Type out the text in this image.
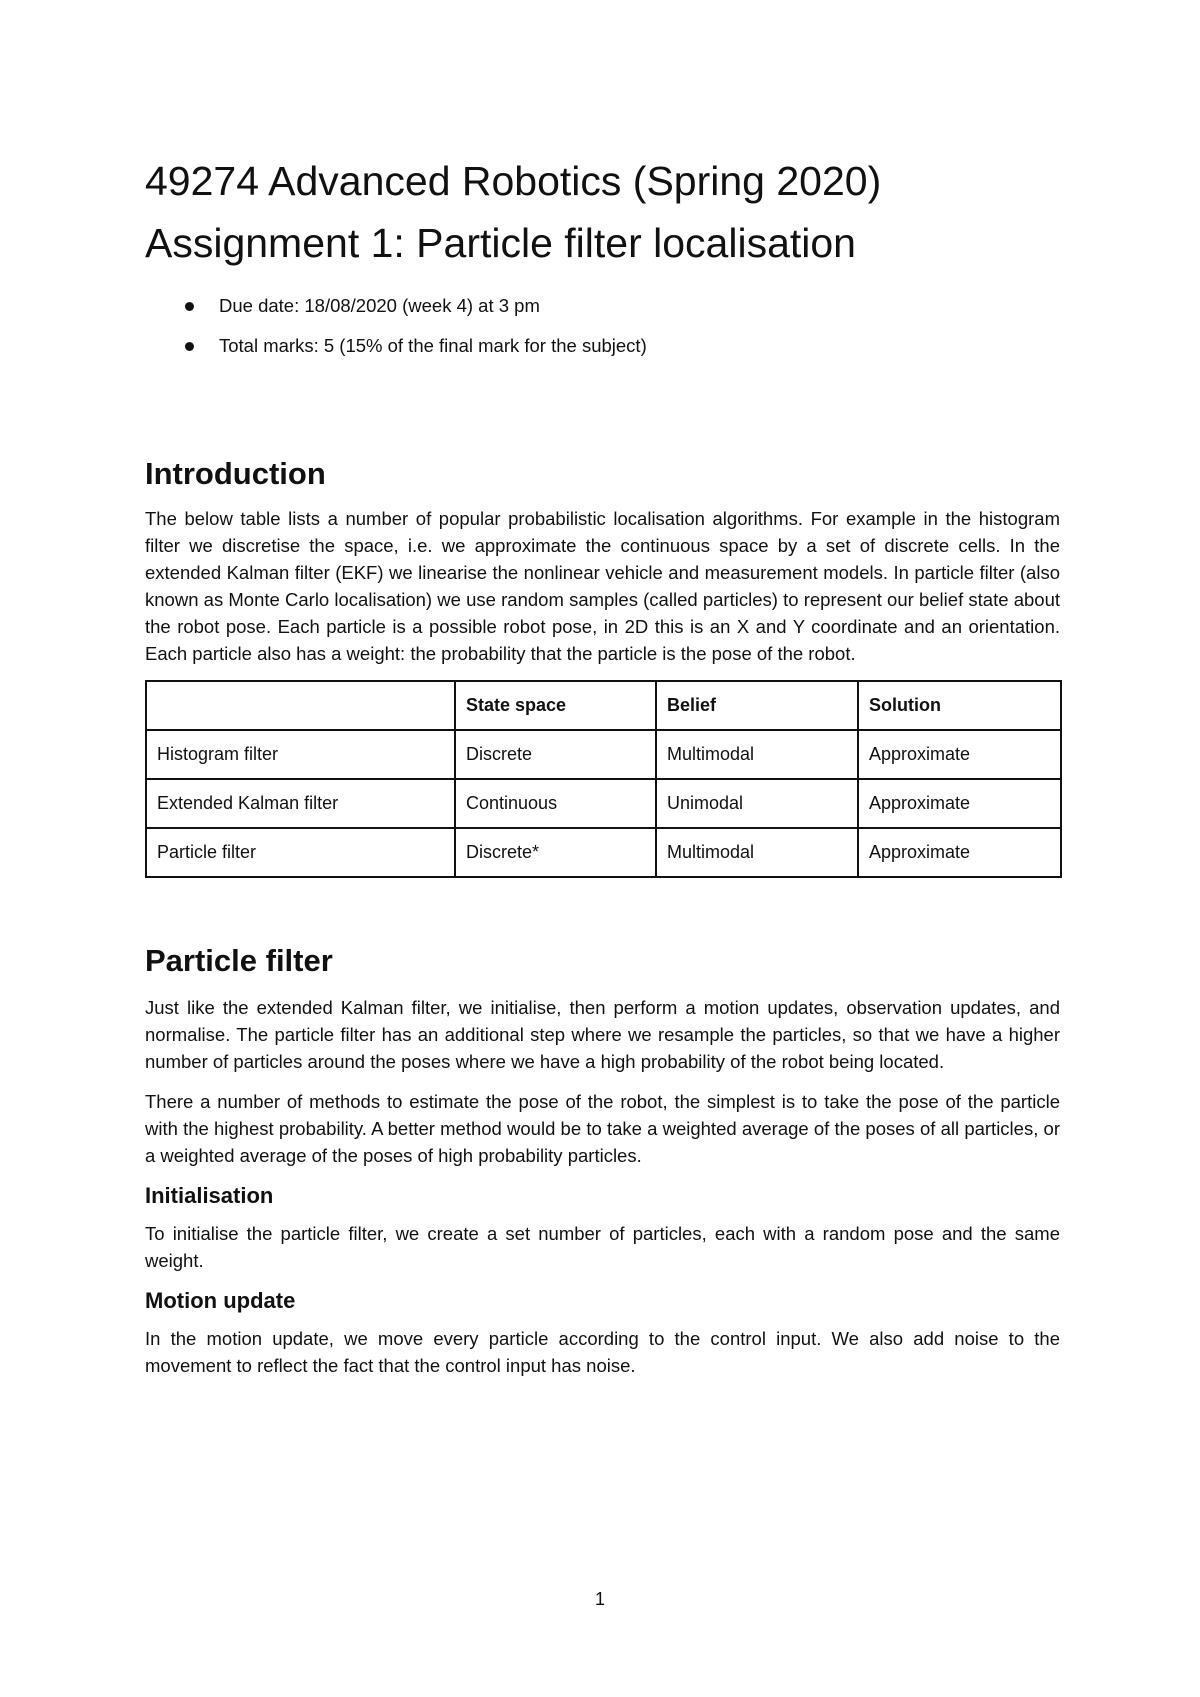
49274 Advanced Robotics (Spring 2020)
Assignment 1: Particle filter localisation
Due date: 18/08/2020 (week 4) at 3 pm
Total marks: 5 (15% of the final mark for the subject)
Introduction

The below table lists a number of popular probabilistic localisation algorithms. For example in the histogram filter we discretise the space, i.e. we approximate the continuous space by a set of discrete cells. In the extended Kalman filter (EKF) we linearise the nonlinear vehicle and measurement models. In particle filter (also known as Monte Carlo localisation) we use random samples (called particles) to represent our belief state about the robot pose. Each particle is a possible robot pose, in 2D this is an X and Y coordinate and an orientation. Each particle also has a weight: the probability that the particle is the pose of the robot.

	State space	Belief	Solution
Histogram filter	Discrete	Multimodal	Approximate
Extended Kalman filter	Continuous	Unimodal	Approximate
Particle filter	Discrete*	Multimodal	Approximate
Particle filter

Just like the extended Kalman filter, we initialise, then perform a motion updates, observation updates, and normalise. The particle filter has an additional step where we resample the particles, so that we have a higher number of particles around the poses where we have a high probability of the robot being located.

There a number of methods to estimate the pose of the robot, the simplest is to take the pose of the particle with the highest probability. A better method would be to take a weighted average of the poses of all particles, or a weighted average of the poses of high probability particles.

Initialisation

To initialise the particle filter, we create a set number of particles, each with a random pose and the same weight.

Motion update

In the motion update, we move every particle according to the control input. We also add noise to the movement to reflect the fact that the control input has noise.

1
